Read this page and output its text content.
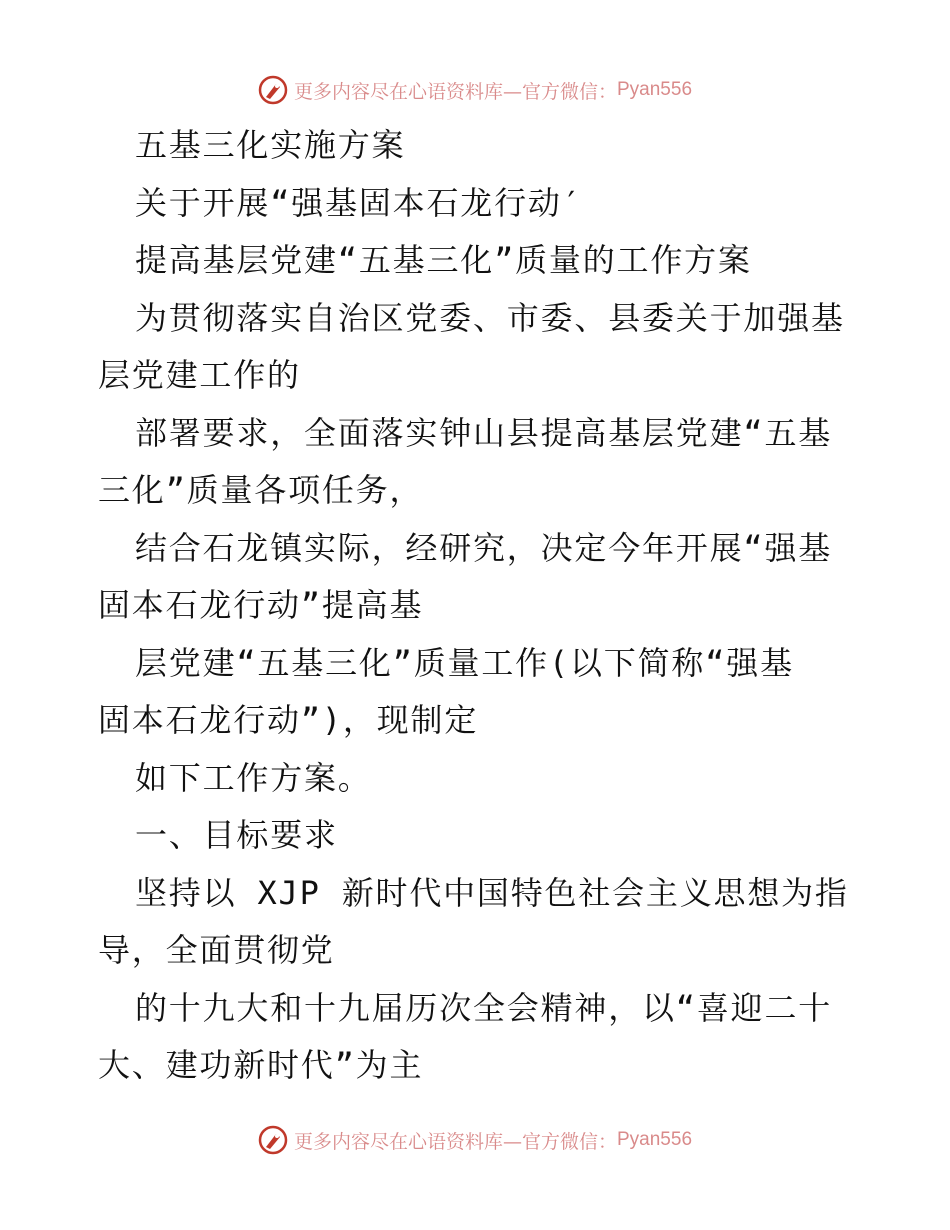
更多内容尽在心语资料库—官方微信： Pyan556
五基三化实施方案
关于开展“强基固本石龙行动′
提高基层党建“五基三化”质量的工作方案
为贯彻落实自治区党委、市委、县委关于加强基
层党建工作的
部署要求，全面落实钟山县提高基层党建“五基
三化”质量各项任务，
结合石龙镇实际，经研究，决定今年开展“强基
固本石龙行动”提高基
层党建“五基三化”质量工作(以下简称“强基
固本石龙行动”)，现制定
如下工作方案。
一、目标要求
坚持以 XJP 新时代中国特色社会主义思想为指
导，全面贯彻党
的十九大和十九届历次全会精神，以“喜迎二十
大、建功新时代”为主
更多内容尽在心语资料库—官方微信： Pyan556
